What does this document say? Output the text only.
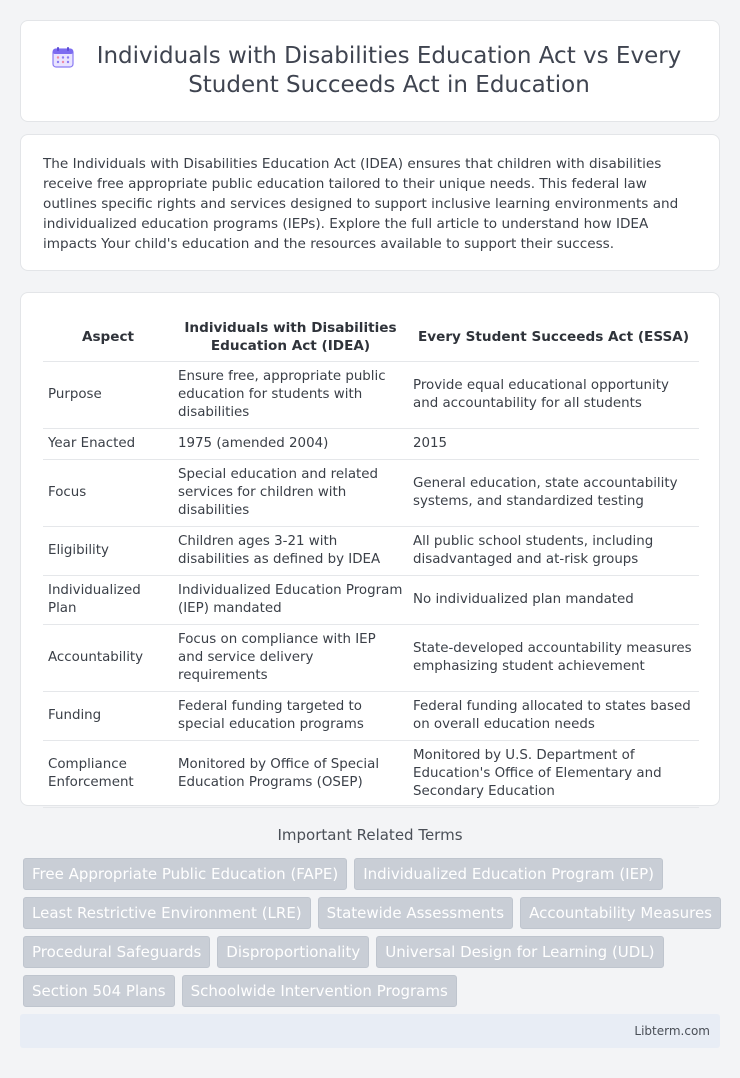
Individuals with Disabilities Education Act vs Every Student Succeeds Act in Education

The Individuals with Disabilities Education Act (IDEA) ensures that children with disabilities receive free appropriate public education tailored to their unique needs. This federal law outlines specific rights and services designed to support inclusive learning environments and individualized education programs (IEPs). Explore the full article to understand how IDEA impacts Your child's education and the resources available to support their success.

Aspect	Individuals with Disabilities Education Act (IDEA)	Every Student Succeeds Act (ESSA)
Purpose	Ensure free, appropriate public education for students with disabilities	Provide equal educational opportunity and accountability for all students
Year Enacted	1975 (amended 2004)	2015
Focus	Special education and related services for children with disabilities	General education, state accountability systems, and standardized testing
Eligibility	Children ages 3-21 with disabilities as defined by IDEA	All public school students, including disadvantaged and at-risk groups
Individualized Plan	Individualized Education Program (IEP) mandated	No individualized plan mandated
Accountability	Focus on compliance with IEP and service delivery requirements	State-developed accountability measures emphasizing student achievement
Funding	Federal funding targeted to special education programs	Federal funding allocated to states based on overall education needs
Compliance Enforcement	Monitored by Office of Special Education Programs (OSEP)	Monitored by U.S. Department of Education's Office of Elementary and Secondary Education
Important Related Terms
Free Appropriate Public Education (FAPE)	Individualized Education Program (IEP)
Least Restrictive Environment (LRE)	Statewide Assessments	Accountability Measures
Procedural Safeguards	Disproportionality	Universal Design for Learning (UDL)
Section 504 Plans	Schoolwide Intervention Programs
Libterm.com
